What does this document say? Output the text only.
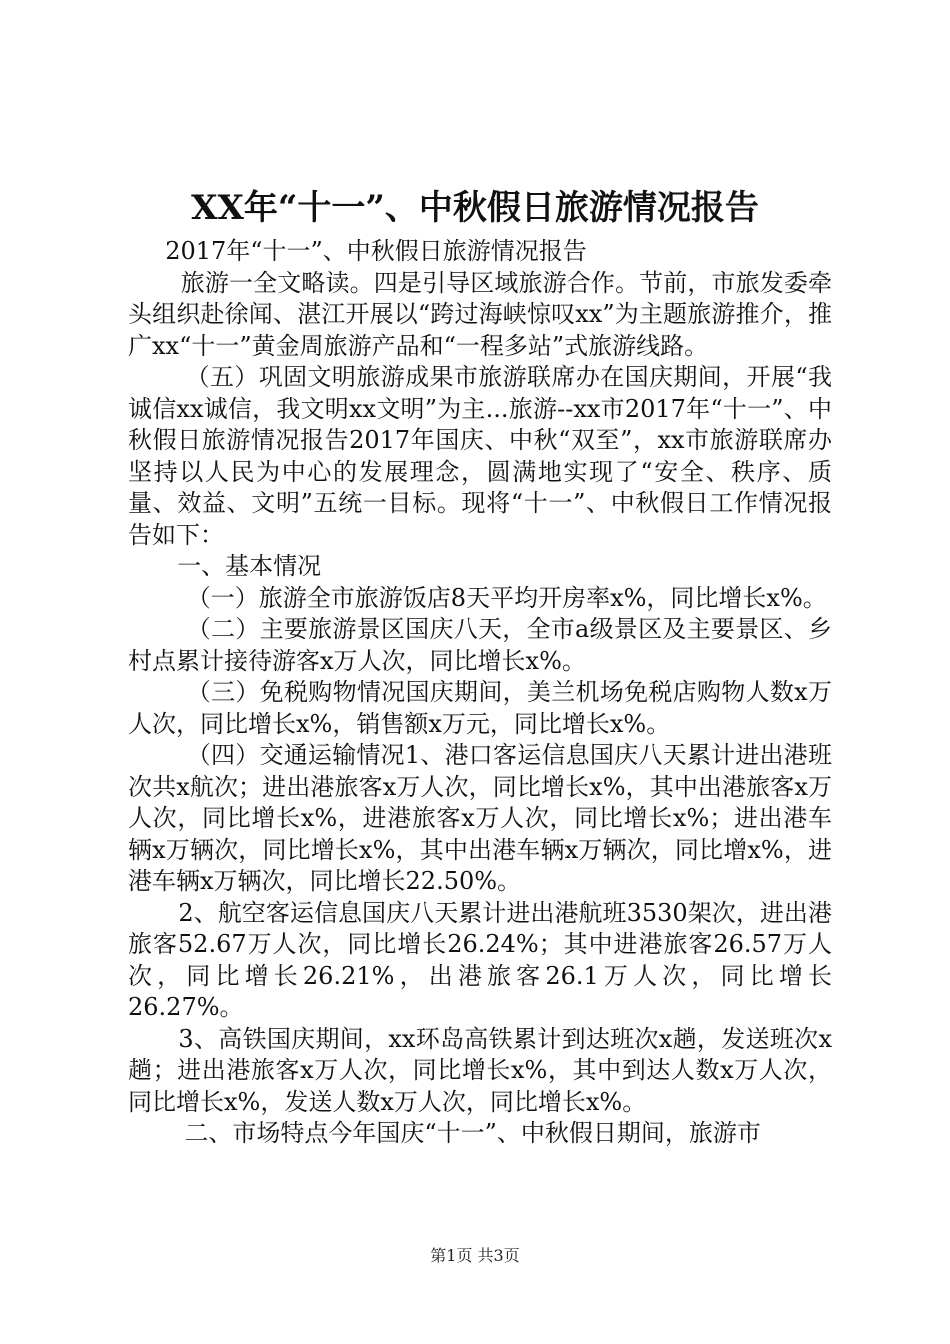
XX年“十一”、中秋假日旅游情况报告

2017年“十一”、中秋假日旅游情况报告

旅游一全文略读。四是引导区域旅游合作。节前，市旅发委牵头组织赴徐闻、湛江开展以“跨过海峡惊叹xx”为主题旅游推介，推广xx“十一”黄金周旅游产品和“一程多站”式旅游线路。

（五）巩固文明旅游成果市旅游联席办在国庆期间，开展“我诚信xx诚信，我文明xx文明”为主...旅游--xx市2017年“十一”、中秋假日旅游情况报告2017年国庆、中秋“双至”，xx市旅游联席办坚持以人民为中心的发展理念，圆满地实现了“安全、秩序、质量、效益、文明”五统一目标。现将“十一”、中秋假日工作情况报告如下：

一、基本情况

（一）旅游全市旅游饭店8天平均开房率x%，同比增长x%。

（二）主要旅游景区国庆八天，全市a级景区及主要景区、乡村点累计接待游客x万人次，同比增长x%。

（三）免税购物情况国庆期间，美兰机场免税店购物人数x万人次，同比增长x%，销售额x万元，同比增长x%。

（四）交通运输情况1、港口客运信息国庆八天累计进出港班次共x航次；进出港旅客x万人次，同比增长x%，其中出港旅客x万人次，同比增长x%，进港旅客x万人次，同比增长x%；进出港车辆x万辆次，同比增长x%，其中出港车辆x万辆次，同比增x%，进港车辆x万辆次，同比增长22.50%。

2、航空客运信息国庆八天累计进出港航班3530架次，进出港旅客52.67万人次，同比增长26.24%；其中进港旅客26.57万人次，同比增长26.21%，出港旅客26.1万人次，同比增长26.27%。

3、高铁国庆期间，xx环岛高铁累计到达班次x趟，发送班次x趟；进出港旅客x万人次，同比增长x%，其中到达人数x万人次，同比增长x%，发送人数x万人次，同比增长x%。

二、市场特点今年国庆“十一”、中秋假日期间，旅游市

第1页 共3页
